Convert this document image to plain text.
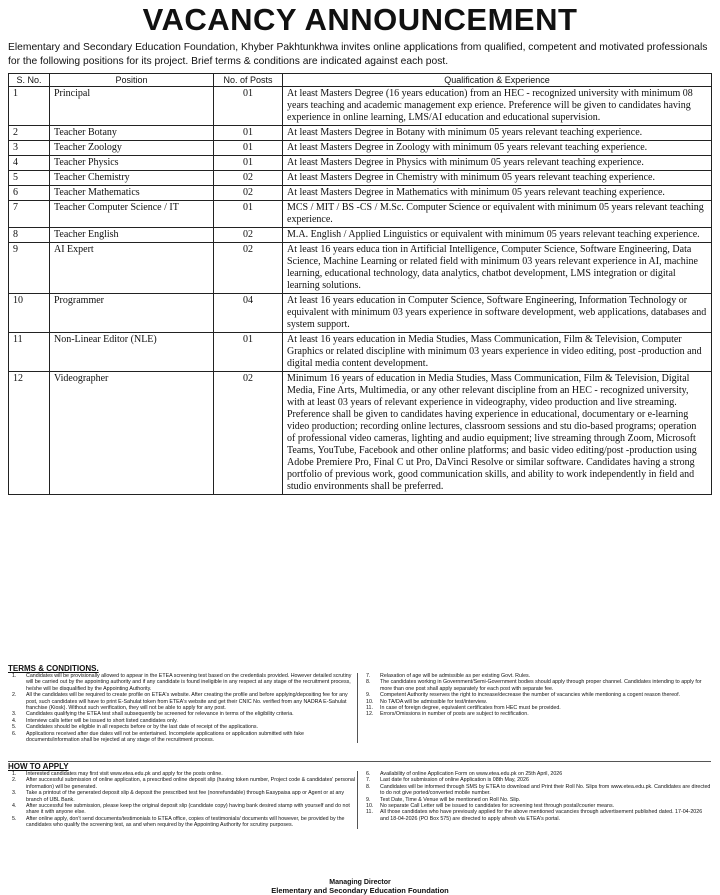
VACANCY ANNOUNCEMENT
Elementary and Secondary Education Foundation, Khyber Pakhtunkhwa invites online applications from qualified, competent and motivated professionals for the following positions for its project. Brief terms & conditions are indicated against each post.
S. No.	Position	No. of Posts	Qualification & Experience
1	Principal	01	At least Masters Degree (16 years education) from an HEC - recognized university with minimum 08 years teaching and academic management exp erience. Preference will be given to candidates having experience in online learning, LMS/AI education and educational supervision.
2	Teacher Botany	01	At least Masters Degree in Botany with minimum 05 years relevant teaching experience.
3	Teacher Zoology	01	At least Masters Degree in Zoology with minimum 05 years relevant teaching experience.
4	Teacher Physics	01	At least Masters Degree in Physics with minimum 05 years relevant teaching experience.
5	Teacher Chemistry	02	At least Masters Degree in Chemistry with minimum 05 years relevant teaching experience.
6	Teacher Mathematics	02	At least Masters Degree in Mathematics with minimum 05 years relevant teaching experience.
7	Teacher Computer Science / IT	01	MCS / MIT / BS -CS / M.Sc. Computer Science or equivalent with minimum 05 years relevant teaching experience.
8	Teacher English	02	M.A. English / Applied Linguistics or equivalent with minimum 05 years relevant teaching experience.
9	AI Expert	02	At least 16 years educa tion in Artificial Intelligence, Computer Science, Software Engineering, Data Science, Machine Learning or related field with minimum 03 years relevant experience in AI, machine learning, educational technology, data analytics, chatbot development, LMS integration or digital learning solutions.
10	Programmer	04	At least 16 years education in Computer Science, Software Engineering, Information Technology or equivalent with minimum 03 years experience in software development, web applications, databases and system support.
11	Non-Linear Editor (NLE)	01	At least 16 years education in Media Studies, Mass Communication, Film & Television, Computer Graphics or related discipline with minimum 03 years experience in video editing, post -production and digital media content development.
12	Videographer	02	Minimum 16 years of education in Media Studies, Mass Communication, Film & Television, Digital Media, Fine Arts, Multimedia, or any other relevant discipline from an HEC - recognized university, with at least 03 years of relevant experience in videography, video production and live streaming. Preference shall be given to candidates having experience in educational, documentary or e-learning video production; recording online lectures, classroom sessions and stu dio-based programs; operation of professional video cameras, lighting and audio equipment; live streaming through Zoom, Microsoft Teams, YouTube, Facebook and other online platforms; and basic video editing/post -production using Adobe Premiere Pro, Final C ut Pro, DaVinci Resolve or similar software. Candidates having a strong portfolio of previous work, good communication skills, and ability to work independently in field and studio environments shall be preferred.
TERMS & CONDITIONS.
1.	Candidates will be provisionally allowed to appear in the ETEA screening test based on the credentials provided. However detailed scrutiny will be carried out by the appointing authority and if any candidate is found ineligible in any respect at any stage of the recruitment process, he/she will be disqualified by the Appointing Authority.
2.	All the candidates will be required to create profile on ETEA's website. After creating the profile and before applying/depositing fee for any post, such candidates will have to print E-Sahulat token from ETEA's website and get their CNIC No. verified from any NADRA E-Sahulat franchise (Kiosk). Without such verification, they will not be able to apply for any post.
3.	Candidates qualifying the ETEA test shall subsequently be screened for relevance in terms of the eligibility criteria.
4.	Interview calls letter will be issued to short listed candidates only.
5.	Candidates should be eligible in all respects before or by the last date of receipt of the applications.
6.	Applications received after due dates will not be entertained. Incomplete applications or application submitted with fake documents/information shall be rejected at any stage of the recruitment process.
7.	Relaxation of age will be admissible as per existing Govt. Rules.
8.	The candidates working in Government/Semi-Government bodies should apply through proper channel. Candidates intending to apply for more than one post shall apply separately for each post with separate fee.
9.	Competent Authority reserves the right to increase/decrease the number of vacancies while mentioning a cogent reason thereof.
10.	No TA/DA will be admissible for test/interview.
11.	In case of foreign degree, equivalent certificates from HEC must be provided.
12.	Errors/Omissions in number of posts are subject to rectification.
HOW TO APPLY
1.	Interested candidates may first visit www.etea.edu.pk and apply for the posts online.
2.	After successful submission of online application, a prescribed online deposit slip (having token number, Project code & candidates' personal information) will be generated.
3.	Take a printout of the generated deposit slip & deposit the prescribed test fee (nonrefundable) through Easypaisa app or Agent or at any branch of UBL Bank.
4.	After successful fee submission, please keep the original deposit slip (candidate copy) having bank desired stamp with yourself and do not share it with anyone else.
5.	After online apply, don't send documents/testimonials to ETEA office, copies of testimonials/ documents will however, be provided by the candidates who qualify the screening test, as and when required by the Appointing Authority for scrutiny purposes.
6.	Availability of online Application Form on www.etea.edu.pk on 25th April, 2026
7.	Last date for submission of online Application is 08th May, 2026
8.	Candidates will be informed through SMS by ETEA to download and Print their Roll No. Slips from www.etea.edu.pk. Candidates are directed to do not give ported/converted mobile number.
9.	Test Date, Time & Venue will be mentioned on Roll No. Slip.
10.	No separate Call Letter will be issued to candidates for screening test through postal/courier means.
11.	All those candidates who have previously applied for the above mentioned vacancies through advertisement published dated. 17-04-2026 and 18-04-2026 (PO Box 575) are directed to apply afresh via ETEA's portal.
Managing Director
Elementary and Secondary Education Foundation
